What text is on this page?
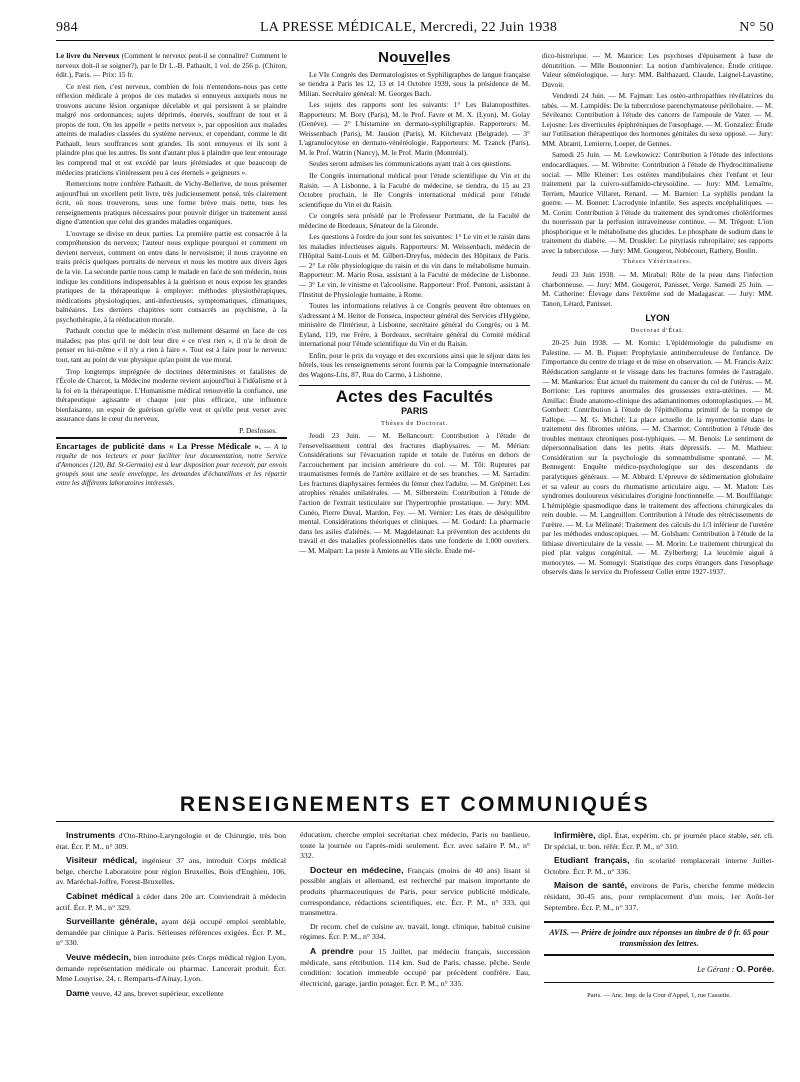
984	LA PRESSE MÉDICALE, Mercredi, 22 Juin 1938	N° 50

Le livre du Nerveux (Comment le nerveux peut-il se connaître? Comment le nerveux doit-il se soigner?), par le Dr L.-B. Pathault, 1 vol. de 256 p. (Chiron, édit.), Paris. — Prix: 15 fr.

Ce n'est rien, c'est nerveux, combien de fois n'entendons-nous pas cette réflexion médicale à propos de ces malades si ennuyeux auxquels nous ne trouvons aucune lésion organique décelable et qui persistent à se plaindre malgré nos ordonnances; sujets déprimés, énervés, souffrant de tout et à propos de tout. On les appelle « petits nerveux », par opposition aux malades atteints de maladies classées du système nerveux, et cependant, comme le dit Pathault, leurs souffrances sont grandes. Ils sont ennuyeux et ils sont à plaindre plus que les autres. Ils sont d'autant plus à plaindre que leur entourage les comprend mal et est excédé par leurs jérémiades et que beaucoup de médecins praticiens s'intéressent peu à ces éternels « geigneurs ».

Remercions notre confrère Pathault, de Vichy-Bellerive, de nous présenter aujourd'hui un excellent petit livre, très judicieusement pensé, très clairement écrit, où nous trouverons, sous une forme brève mais nette, tous les renseignements pratiques nécessaires pour pouvoir diriger un traitement aussi digne d'attention que celui des grandes maladies organiques.

L'ouvrage se divise en deux parties. La première partie est consacrée à la compréhension du nerveux; l'auteur nous explique pourquoi et comment on devient nerveux, comment on entre dans le nervosisme; il nous crayonne en traits précis quelques portraits de nerveux et nous les montre aux divers âges de la vie. La seconde partie nous camp le malade en face de son médecin, nous indique les conditions indispensables à la guérison et nous expose les grandes pratiques de la thérapeutique à employer: méthodes physiothérapiques, médications physiologiques, anti-infectieuses, symptomatiques, climatiques, balnéaires. Les derniers chapitres sont consacrés au psychisme, à la psychothérapie, à la rééducation morale.

Pathault conclut que le médecin n'est nullement désarmé en face de ces malades; pas plus qu'il ne doit leur dire « ce n'est rien », il n'a le droit de penser en lui-même « il n'y a rien à faire ». Tout est à faire pour le nerveux: tout, tant au point de vue physique qu'au point de vue moral.

Trop longtemps imprégnée de doctrines déterministes et fatalistes de l'École de Charcot, la Médecine moderne revient aujourd'hui à l'idéalisme et à la foi en la thérapeutique. L'Humanisme médical renouvelle la confiance, une thérapeutique agissante et chaque jour plus efficace, une influence bienfaisante, un espoir de guérison qu'elle veut et qu'elle peut verser avec assurance dans le cœur du nerveux.

P. Desfosses.

Encartages de publicité dans « La Presse Médicale ». — A la requête de nos lecteurs et pour faciliter leur documentation, notre Service d'Annonces (120, Bd. St-Germain) est à leur disposition pour recevoir, par envois groupés sous une seule enveloppe, les demandes d'échantillons et les répartir entre les différents laboratoires intéressés.
Nouvelles

Le VIe Congrès des Dermatologistes et Syphiligraphes de langue française se tiendra à Paris les 12, 13 et 14 Octobre 1939, sous la présidence de M. Milian. Secrétaire général: M. Georges Bach.

Les sujets des rapports sont les suivants: 1° Les Balanoposthites. Rapporteurs: M. Bory (Paris), M. le Prof. Favre et M. X. (Lyon), M. Golay (Genève). — 2° L'histamine en dermato-syphiligraphie. Rapporteurs: M. Weissenbach (Paris), M. Jausion (Paris), M. Kitchevatz (Belgrade). — 3° L'agranulocytose en dermato-vénéréologie. Rapporteurs: M. Tzanck (Paris), M. le Prof. Watrin (Nancy), M. le Prof. Marin (Montréal).

Seules seront admises les communications ayant trait à ces questions.

IIe Congrès international médical pour l'étude scientifique du Vin et du Raisin. — A Lisbonne, à la Faculté de médecine, se tiendra, du 15 au 23 Octobre prochain, le IIe Congrès international médical pour l'étude scientifique du Vin et du Raisin.

Ce congrès sera présidé par le Professeur Portmann, de la Faculté de médecine de Bordeaux, Sénateur de la Gironde.

Les questions à l'ordre du jour sont les suivantes: 1° Le vin et le raisin dans les maladies infectieuses aiguës. Rapporteurs: M. Weissenbach, médecin de l'Hôpital Saint-Louis et M. Gilbert-Dreyfus, médecin des Hôpitaux de Paris. — 2° Le rôle physiologique du raisin et du vin dans le métabolisme humain. Rapporteur: M. Mario Rosa, assistant à la Faculté de médecine de Lisbonne. — 3° Le vin, le vinisme et l'alcoolisme. Rapporteur: Prof. Puntoni, assistant à l'Institut de Physiologie humaine, à Rome.

Toutes les informations relatives à ce Congrès peuvent être obtenues en s'adressant à M. Heitor de Fonseca, inspecteur général des Services d'Hygiène, ministère de l'Intérieur, à Lisbonne, secrétaire général du Congrès, ou à M. Eyland, 119, rue Frère, à Bordeaux, secrétaire général du Comité médical international pour l'étude scientifique du Vin et du Raisin.

Enfin, pour le prix du voyage et des excursions ainsi que le séjour dans les hôtels, tous les renseignements seront fournis par la Compagnie internationale des Wagons-Lits, 87, Rua do Carmo, à Lisbonne.

Actes des Facultés
PARIS
Thèses de Doctorat.

Jeudi 23 Juin. — M. Bellancourt: Contribution à l'étude de l'ensevelissement central des fractures diaphysaires. — M. Mérian: Considérations sur l'évacuation rapide et totale de l'utérus en dehors de l'accouchement par incision antérieure du col. — M. Tôi: Ruptures par traumatismes fermés de l'artère axillaire et de ses branches. — M. Sarradin: Les fractures diaphysaires fermées du fémur chez l'adulte. — M. Grépinet: Les atrophies rénales unilatérales. — M. Silberstein: Contribution à l'étude de l'action de l'extrait testiculaire sur l'hypertrophie prostatique. — Jury: MM. Cunéo, Pierre Duval, Mardon, Fey. — M. Vernier: Les états de déséquilibre mental. Considérations théoriques et cliniques. — M. Godard: La pharmacie dans les asiles d'aliénés. — M. Magdelaunat: La prévention des accidents du travail et des maladies professionnelles dans une fonderie de 1.000 ouvriers. — M. Malpart: La peste à Amiens au VIIe siècle. Étude mé-

dico-historique. — M. Maurice: Les psychoses d'épuisement à base de dénutrition. — Mlle Boutonnier: La notion d'ambivalence. Étude critique. Valeur séméiologique. — Jury: MM. Balthazard, Claude, Laignel-Lavastine, Duvoir.

Vendredi 24 Juin. — M. Fajman: Les ostéo-arthropathies révélatrices du tabès. — M. Lampidès: De la tuberculose parenchymateuse périlobaire. — M. Sévileano: Contribution à l'étude des cancers de l'ampoule de Vater. — M. Lejosne: Les diverticules épiphréniques de l'œsophage. — M. Gonzalez: Étude sur l'utilisation thérapeutique des hormones génitales du sexe opposé. — Jury: MM. Abrami, Lemierre, Loeper, de Gennes.

Samedi 25 Juin. — M. Lewkowicz: Contribution à l'étude des infections endocardiaques. — M. Wibrotte: Contribution à l'étude de l'hydrocitimalisme social. — Mlle Kleiner: Les ostéites mandibulaires chez l'enfant et leur traitement par la cuivro-sulfamido-chrysoïdine. — Jury: MM. Lemaître, Terrien, Maurice Villaret, Renard. — M. Barnier: La syphilis pendant la guerre. — M. Bonnet: L'acrodynie infantile. Ses aspects encéphalitiques. — M. Conin: Contribution à l'étude du traitement des syndromes cholériformes du nourrisson par la perfusion intraveineuse continue. — M. Trégout: L'ion phosphorique et le métabolisme des glucides. Le phosphate de sodium dans le traitement du diabète. — M. Druskler: Le pityriasis rubropilaire; ses rapports avec la tuberculose. — Jury: MM. Gougerot, Nobécourt, Rathery, Boulin.

Thèses Vétérinaires.

Jeudi 23 Juin 1938. — M. Mirabal: Rôle de la peau dans l'infection charbonneuse. — Jury: MM. Gougerot, Panisset, Verge. Samedi 25 Juin. — M. Catherine: Élevage dans l'extrême sud de Madagascar. — Jury: MM. Tanon, Létard, Panisset.

LYON
Doctorat d'État.

20-25 Juin 1938. — M. Kornic: L'épidémiologie du paludisme en Palestine. — M. B. Piquet: Prophylaxie antituberculeuse de l'enfance. De l'importance du centre de triage et de mise en observation. — M. Francis Aziz: Rééducation sanglante et le vissage dans les fractures fermées de l'astragale. — M. Mankarios: État actuel du traitement du cancer du col de l'utérus. — M. Borrione: Les ruptures anormales des grossesses extra-utérines. — M. Amillac: Étude anatomo-clinique des adamantinomes odontoplastiques. — M. Gombert: Contribution à l'étude de l'épithélioma primitif de la trompe de Fallope. — M. G. Michel: La place actuelle de la myomectomie dans le traitement des fibromes utérins. — M. Charmot: Contribution à l'étude des troubles mentaux chroniques post-typhiques. — M. Benois: Le sentiment de dépersonnalisation dans les petits états dépressifs. — M. Mathieu: Considération sur la psychologie du somnambulisme spontané. — M. Bennegent: Enquête médico-psychologique sur des descendants de paralytiques généraux. — M. Abbard: L'épreuve de sédimentation globulaire et sa valeur au cours du rhumatisme articulaire aigu. — M. Madon: Les syndromes douloureux vésiculaires d'origine fonctionnelle. — M. Bouffilange: L'hémiplégie spasmodique dans le traitement des affections chirurgicales du rein double. — M. Langruillon: Contribution à l'étude des rétrécissements de l'urètre. — M. Le Mélinaté: Traitement des calculs du 1/3 inférieur de l'uretère par les méthodes endoscopiques. — M. Golsham: Contribution à l'étude de la lithiase diverticulaire de la vessie. — M. Morin: Le traitement chirurgical du pied plat valgus congénital. — M. Zylberberg: La leucémie aiguë à monocytes. — M. Somogyi: Statistique des corps étrangers dans l'œsophage observés dans le service du Professeur Collet entre 1927-1937.

RENSEIGNEMENTS ET COMMUNIQUÉS

Instruments d'Oto-Rhino-Laryngologie et de Chirurgie, très bon état. Écr. P. M., n° 309.

Visiteur médical, ingénieur 37 ans, introduit Corps médical belge, cherche Laboratoire pour région Bruxelles, Bois d'Enghien, 106, av. Maréchal-Joffre, Forest-Bruxelles.

Cabinet médical à céder dans 20e arr. Conviendrait à médecin actif. Écr. P. M., n° 329.

Surveillante générale, ayant déjà occupé emploi semblable, demandée par clinique à Paris. Sérieuses références exigées. Écr. P. M., n° 330.

Veuve médecin, bien introduite près Corps médical région Lyon, demande représentation médicale ou pharmac. Lancerait produit. Écr. Mme Louyrise, 24, r. Remparts-d'Ainay, Lyon.

Dame veuve, 42 ans, brevet supérieur, excellente

éducation, cherche emploi secrétariat chez médecin, Paris ou banlieue, toute la journée ou l'après-midi seulement. Écr. avec salaire P. M., n° 332.

Docteur en médecine, Français (moins de 40 ans) lisant si possible anglais et allemand, est recherché par maison importante de produits pharmaceutiques de Paris, pour service publicité médicale, correspondance, rédactions scientifiques, etc. Écr. P. M., n° 333, qui transmettra.

Dr recom. chef de cuisine av. travail, longt. clinique, habitué cuisine régimes. Écr. P. M., n° 334.

A prendre pour 15 Juillet, par médecin français, succession médicale, sans rétribution. 114 km. Sud de Paris, chasse, pêche. Seule condition: location immeuble occupé par précédent confrère. Eau, électricité, garage, jardin potager. Écr. P. M., n° 335.

Infirmière, dipl. État, expérim. ch. pr journée place stable, sér. cli. Dr spécial, tr. bon. référ. Écr. P. M., n° 310.

Etudiant français, fin scolarité remplacerait interne Juillet-Octobre. Écr. P. M., n° 336.

Maison de santé, environs de Paris, cherche femme médecin résidant, 30-45 ans, pour remplacement d'un mois, 1er Août-1er Septembre. Écr. P. M., n° 337.

AVIS. — Prière de joindre aux réponses un timbre de 0 fr. 65 pour transmission des lettres.
Le Gérant : O. Porée.
Paris. — Anc. Imp. de la Cour d'Appel, 1, rue Cassette.
